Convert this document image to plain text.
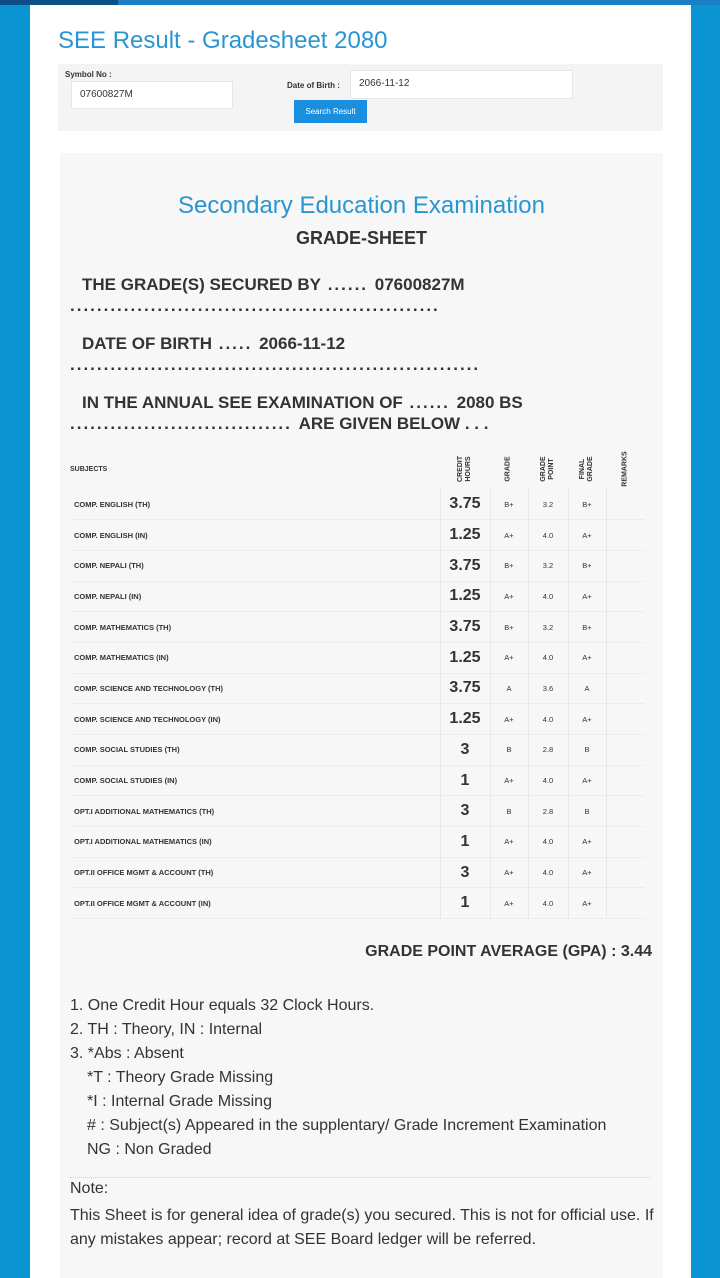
SEE Result - Gradesheet 2080
Symbol No :
07600827M
Date of Birth :	2066-11-12
Search Result
Secondary Education Examination
GRADE-SHEET
THE GRADE(S) SECURED BY ...... 07600827M .......................................................
DATE OF BIRTH ..... 2066-11-12 .............................................................
IN THE ANNUAL SEE EXAMINATION OF ...... 2080 BS ................................. ARE GIVEN BELOW . . .
SUBJECTS	CREDIT HOURS	GRADE	GRADE POINT	FINAL GRADE	REMARKS
COMP. ENGLISH (TH)	3.75	B+	3.2	B+	
COMP. ENGLISH (IN)	1.25	A+	4.0	A+	
COMP. NEPALI (TH)	3.75	B+	3.2	B+	
COMP. NEPALI (IN)	1.25	A+	4.0	A+	
COMP. MATHEMATICS (TH)	3.75	B+	3.2	B+	
COMP. MATHEMATICS (IN)	1.25	A+	4.0	A+	
COMP. SCIENCE AND TECHNOLOGY (TH)	3.75	A	3.6	A	
COMP. SCIENCE AND TECHNOLOGY (IN)	1.25	A+	4.0	A+	
COMP. SOCIAL STUDIES (TH)	3	B	2.8	B	
COMP. SOCIAL STUDIES (IN)	1	A+	4.0	A+	
OPT.I ADDITIONAL MATHEMATICS (TH)	3	B	2.8	B	
OPT.I ADDITIONAL MATHEMATICS (IN)	1	A+	4.0	A+	
OPT.II OFFICE MGMT & ACCOUNT (TH)	3	A+	4.0	A+	
OPT.II OFFICE MGMT & ACCOUNT (IN)	1	A+	4.0	A+	
GRADE POINT AVERAGE (GPA) : 3.44
1. One Credit Hour equals 32 Clock Hours.
2. TH : Theory, IN : Internal
3. *Abs : Absent
*T : Theory Grade Missing
*I : Internal Grade Missing
# : Subject(s) Appeared in the supplentary/ Grade Increment Examination
NG : Non Graded
Note:
This Sheet is for general idea of grade(s) you secured. This is not for official use. If any mistakes appear; record at SEE Board ledger will be referred.
